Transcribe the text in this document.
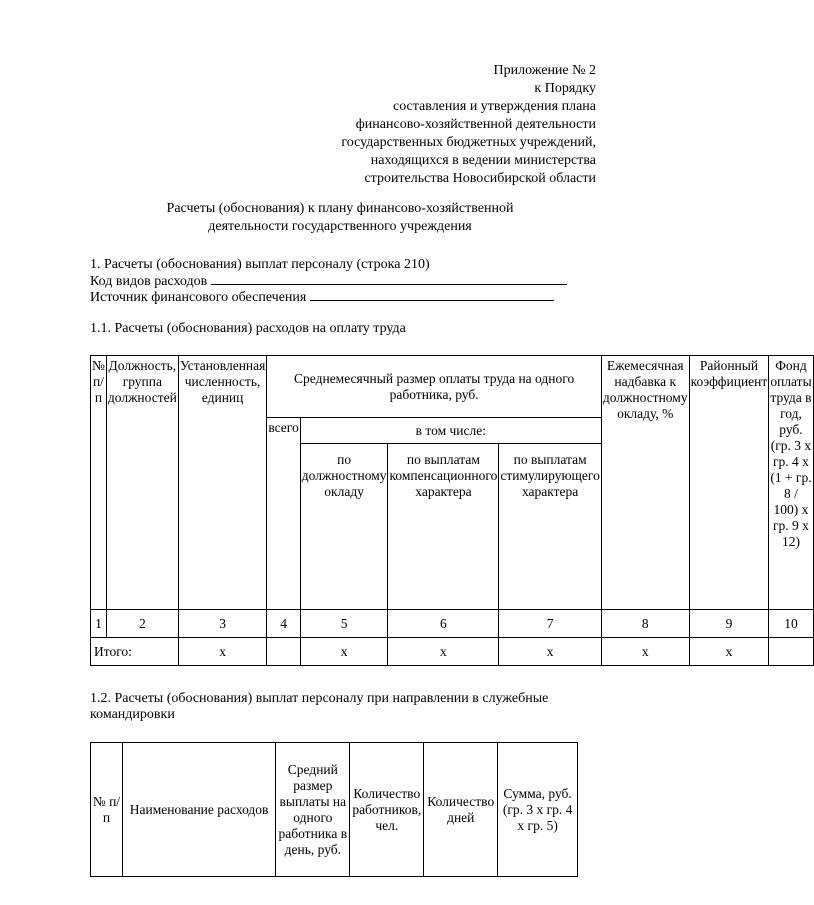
Приложение № 2
к Порядку
составления и утверждения плана
финансово-хозяйственной деятельности
государственных бюджетных учреждений,
находящихся в ведении министерства
строительства Новосибирской области
Расчеты (обоснования) к плану финансово-хозяйственной
деятельности государственного учреждения
1. Расчеты (обоснования) выплат персоналу (строка 210)
Код видов расходов
Источник финансового обеспечения
1.1. Расчеты (обоснования) расходов на оплату труда
№ п/п	Должность, группа должностей	Установленная численность, единиц	Среднемесячный размер оплаты труда на одного работника, руб.				Ежемесячная надбавка к должностному окладу, %	Районный коэффициент	Фонд оплаты труда в год, руб. (гр. 3 x гр. 4 x (1 + гр. 8 / 100) x гр. 9 x 12)
			всего	в том числе:					
				по должностному окладу	по выплатам компенсационного характера	по выплатам стимулирующего характера			
1	2	3	4	5	6	7	8	9	10
Итого:		x		x	x	x	x	x	
1.2. Расчеты (обоснования) выплат персоналу при направлении в служебные
командировки
№ п/п	Наименование расходов	Средний размер выплаты на одного работника в день, руб.	Количество работников, чел.	Количество дней	Сумма, руб. (гр. 3 x гр. 4 x гр. 5)
